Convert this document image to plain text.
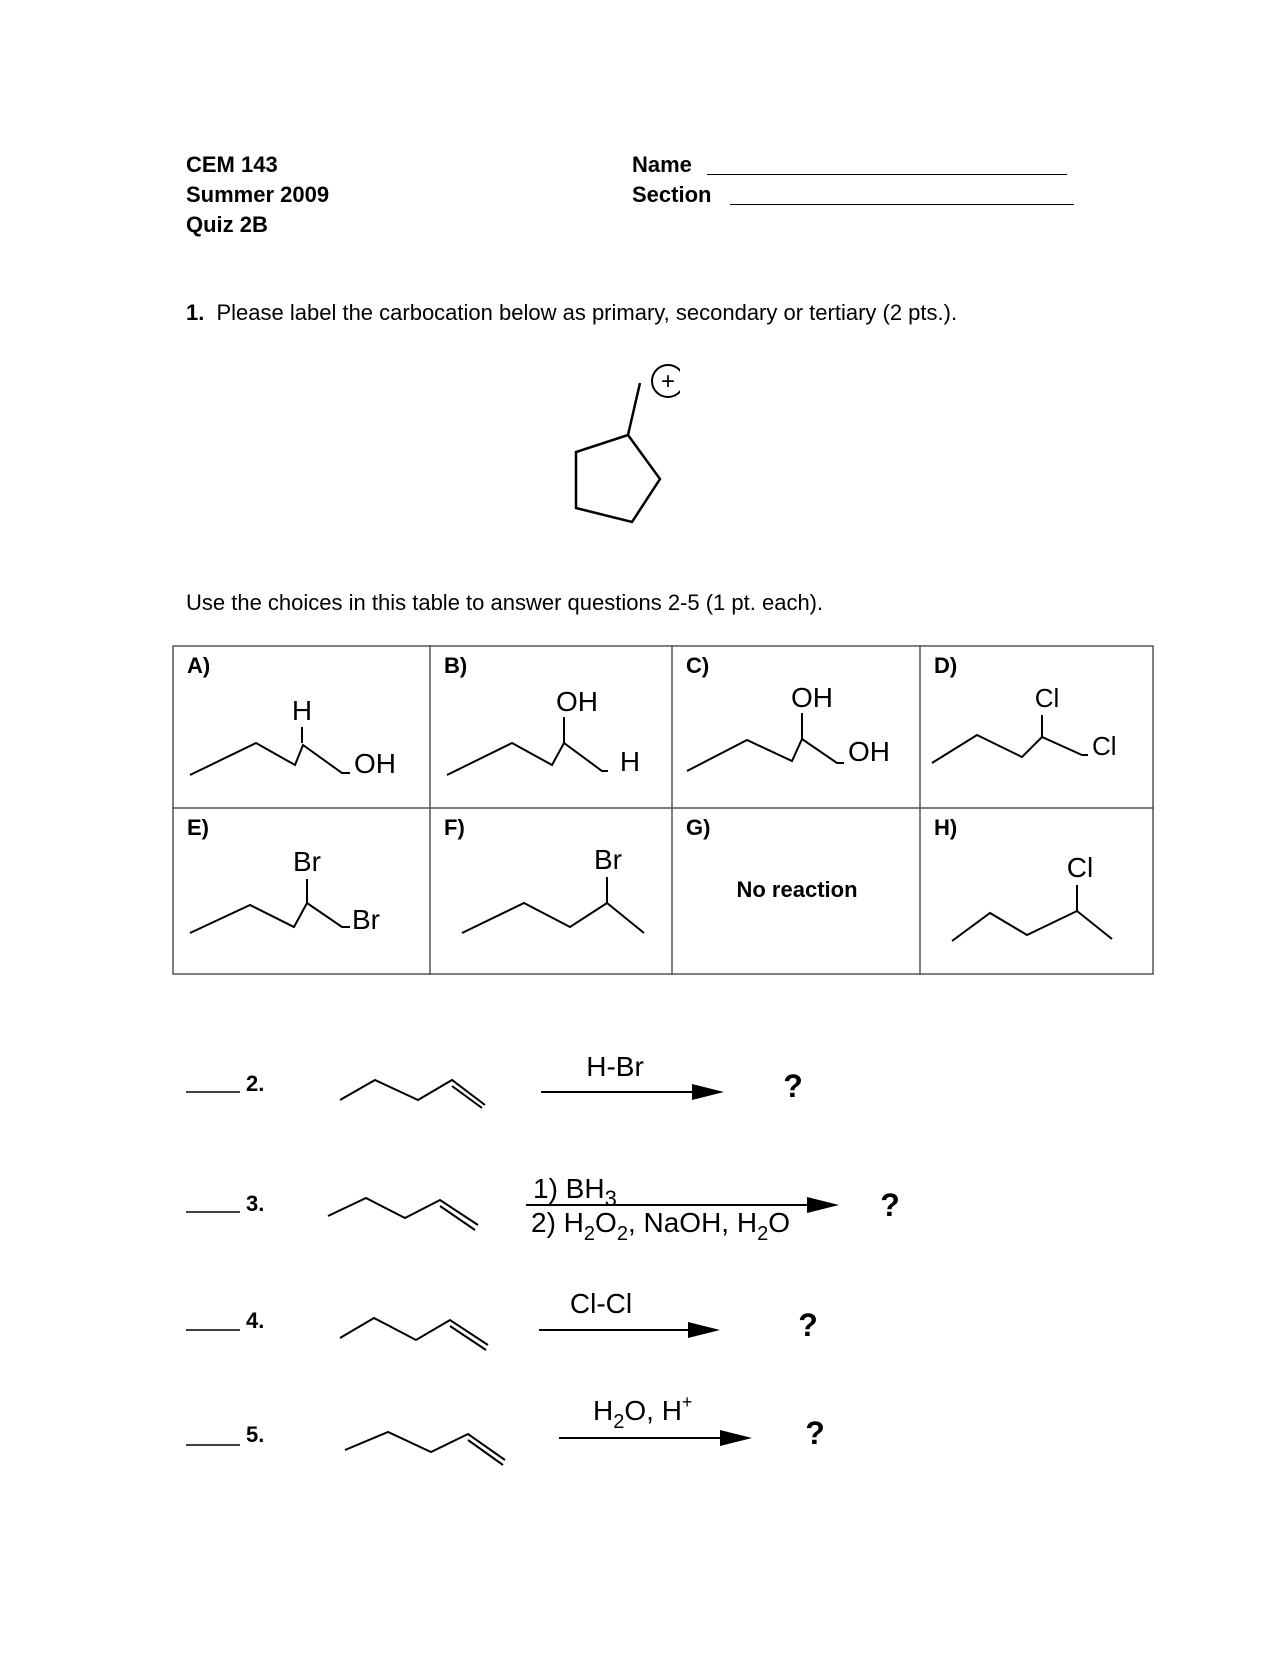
CEM 143
Summer 2009
Quiz 2B
Name
Section
1. Please label the carbocation below as primary, secondary or tertiary (2 pts.).
+
Use the choices in this table to answer questions 2-5 (1 pt. each).
A)
H
OH
B)
OH
H
C)
OH
OH
D)
Cl
Cl
E)
Br
Br
F)
Br
G)
No reaction
H)
Cl
2.
H-Br
?
3.	1) $BH_3$
2) $H_2O_2$, NaOH, $H_2O$	?
4.
Cl-Cl
?
5.
$H_2O$, H+
?
